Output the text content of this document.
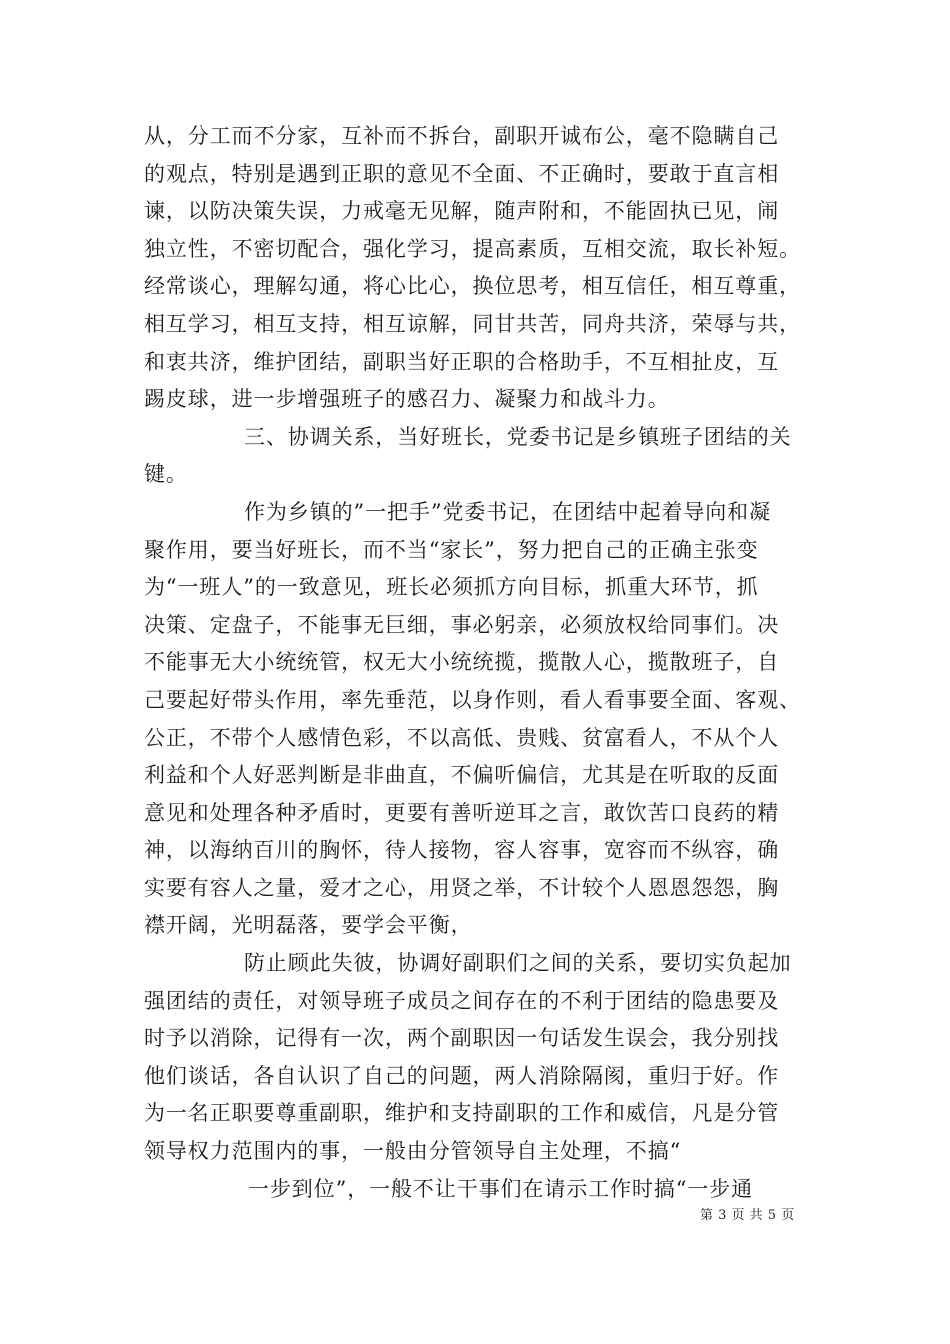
从，分工而不分家，互补而不拆台，副职开诚布公，毫不隐瞒自己
的观点，特别是遇到正职的意见不全面、不正确时，要敢于直言相
谏，以防决策失误，力戒毫无见解，随声附和，不能固执已见，闹
独立性，不密切配合，强化学习，提高素质，互相交流，取长补短。
经常谈心，理解勾通，将心比心，换位思考，相互信任，相互尊重，
相互学习，相互支持，相互谅解，同甘共苦，同舟共济，荣辱与共，
和衷共济，维护团结，副职当好正职的合格助手，不互相扯皮，互
踢皮球，进一步增强班子的感召力、凝聚力和战斗力。
三、协调关系，当好班长，党委书记是乡镇班子团结的关
键。
作为乡镇的”一把手”党委书记，在团结中起着导向和凝
聚作用，要当好班长，而不当“家长”，努力把自己的正确主张变
为“一班人”的一致意见，班长必须抓方向目标，抓重大环节，抓
决策、定盘子，不能事无巨细，事必躬亲，必须放权给同事们。决
不能事无大小统统管，权无大小统统揽，揽散人心，揽散班子，自
己要起好带头作用，率先垂范，以身作则，看人看事要全面、客观、
公正，不带个人感情色彩，不以高低、贵贱、贫富看人，不从个人
利益和个人好恶判断是非曲直，不偏听偏信，尤其是在听取的反面
意见和处理各种矛盾时，更要有善听逆耳之言，敢饮苦口良药的精
神，以海纳百川的胸怀，待人接物，容人容事，宽容而不纵容，确
实要有容人之量，爱才之心，用贤之举，不计较个人恩恩怨怨，胸
襟开阔，光明磊落，要学会平衡，
防止顾此失彼，协调好副职们之间的关系，要切实负起加
强团结的责任，对领导班子成员之间存在的不利于团结的隐患要及
时予以消除，记得有一次，两个副职因一句话发生误会，我分别找
他们谈话，各自认识了自己的问题，两人消除隔阂，重归于好。作
为一名正职要尊重副职，维护和支持副职的工作和威信，凡是分管
领导权力范围内的事，一般由分管领导自主处理，不搞“
一步到位”，一般不让干事们在请示工作时搞“一步通
第 3 页 共 5 页
